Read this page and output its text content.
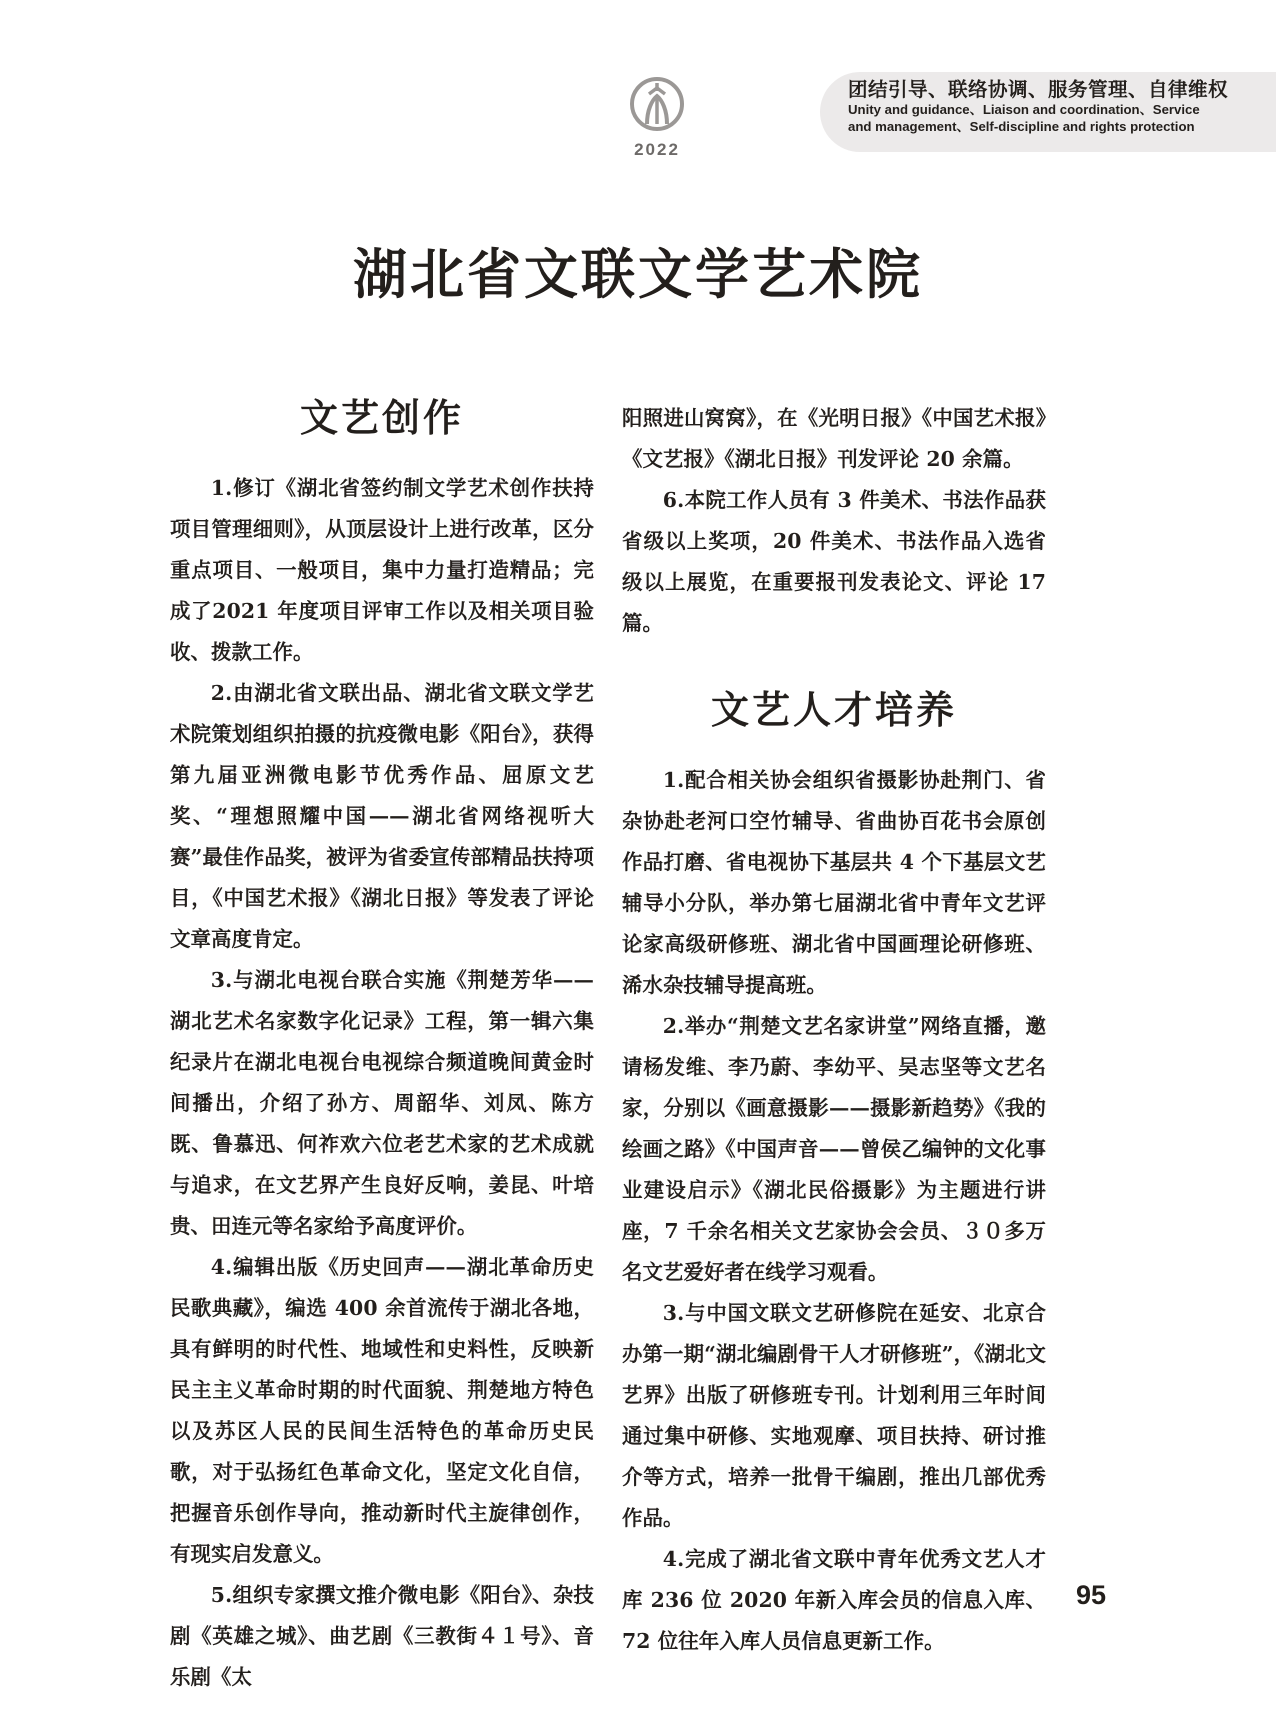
团结引导、联络协调、服务管理、自律维权
Unity and guidance、Liaison and coordination、Service
and management、Self-discipline and rights protection
2022
湖北省文联文学艺术院
文艺创作

1.修订《湖北省签约制文学艺术创作扶持项目管理细则》，从顶层设计上进行改革，区分重点项目、一般项目，集中力量打造精品；完成了2021 年度项目评审工作以及相关项目验收、拨款工作。

2.由湖北省文联出品、湖北省文联文学艺术院策划组织拍摄的抗疫微电影《阳台》，获得第九届亚洲微电影节优秀作品、屈原文艺奖、“理想照耀中国——湖北省网络视听大赛”最佳作品奖，被评为省委宣传部精品扶持项目，《中国艺术报》《湖北日报》等发表了评论文章高度肯定。

3.与湖北电视台联合实施《荆楚芳华——湖北艺术名家数字化记录》工程，第一辑六集纪录片在湖北电视台电视综合频道晚间黄金时间播出，介绍了孙方、周韶华、刘凤、陈方既、鲁慕迅、何祚欢六位老艺术家的艺术成就与追求，在文艺界产生良好反响，姜昆、叶培贵、田连元等名家给予高度评价。

4.编辑出版《历史回声——湖北革命历史民歌典藏》，编选 400 余首流传于湖北各地，具有鲜明的时代性、地域性和史料性，反映新民主主义革命时期的时代面貌、荆楚地方特色以及苏区人民的民间生活特色的革命历史民歌，对于弘扬红色革命文化，坚定文化自信，把握音乐创作导向，推动新时代主旋律创作，有现实启发意义。

5.组织专家撰文推介微电影《阳台》、杂技剧《英雄之城》、曲艺剧《三教街４１号》、音乐剧《太

阳照进山窝窝》，在《光明日报》《中国艺术报》《文艺报》《湖北日报》刊发评论 20 余篇。

6.本院工作人员有 3 件美术、书法作品获省级以上奖项，20 件美术、书法作品入选省级以上展览，在重要报刊发表论文、评论 17 篇。

文艺人才培养

1.配合相关协会组织省摄影协赴荆门、省杂协赴老河口空竹辅导、省曲协百花书会原创作品打磨、省电视协下基层共 4 个下基层文艺辅导小分队，举办第七届湖北省中青年文艺评论家高级研修班、湖北省中国画理论研修班、浠水杂技辅导提高班。

2.举办“荆楚文艺名家讲堂”网络直播，邀请杨发维、李乃蔚、李幼平、吴志坚等文艺名家，分别以《画意摄影——摄影新趋势》《我的绘画之路》《中国声音——曾侯乙编钟的文化事业建设启示》《湖北民俗摄影》为主题进行讲座，7 千余名相关文艺家协会会员、３０多万名文艺爱好者在线学习观看。

3.与中国文联文艺研修院在延安、北京合办第一期“湖北编剧骨干人才研修班”，《湖北文艺界》出版了研修班专刊。计划利用三年时间通过集中研修、实地观摩、项目扶持、研讨推介等方式，培养一批骨干编剧，推出几部优秀作品。

4.完成了湖北省文联中青年优秀文艺人才库 236 位 2020 年新入库会员的信息入库、72 位往年入库人员信息更新工作。

95
